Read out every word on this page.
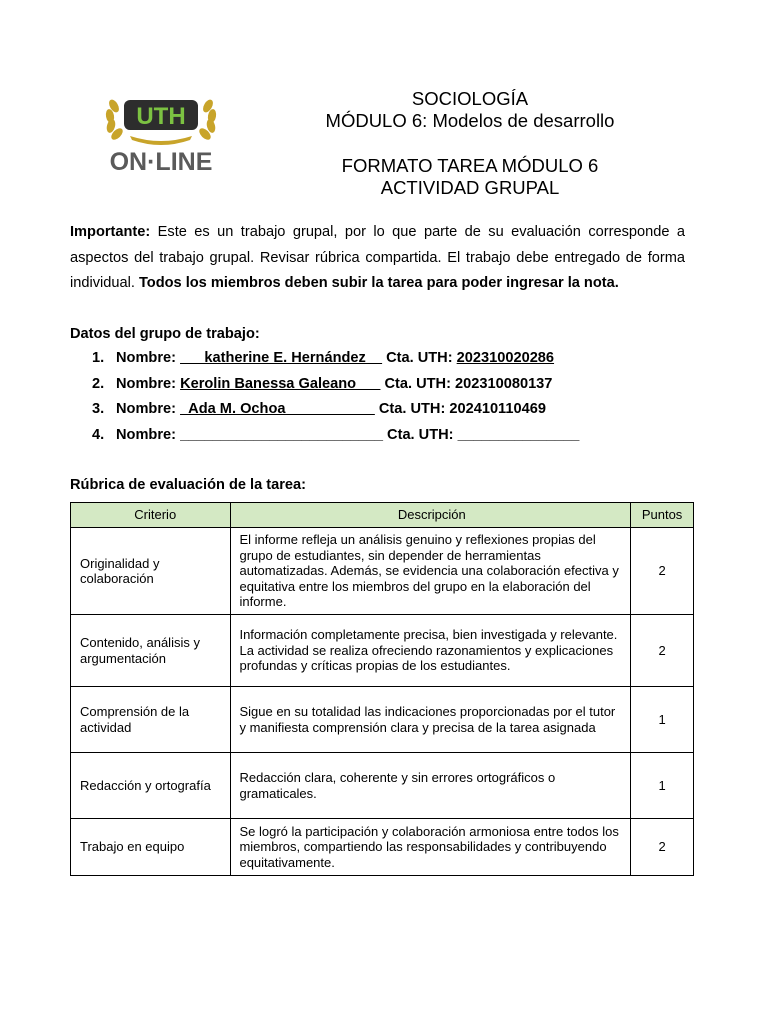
UTH
ON·LINE
SOCIOLOGÍA
MÓDULO 6: Modelos de desarrollo
FORMATO TAREA MÓDULO 6
ACTIVIDAD GRUPAL
Importante: Este es un trabajo grupal, por lo que parte de su evaluación corresponde a aspectos del trabajo grupal. Revisar rúbrica compartida. El trabajo debe entregado de forma individual. Todos los miembros deben subir la tarea para poder ingresar la nota.
Datos del grupo de trabajo:
1. Nombre: ___katherine E. Hernández__ Cta. UTH: 202310020286
2. Nombre: Kerolin Banessa Galeano___ Cta. UTH: 202310080137
3. Nombre: _Ada M. Ochoa___________ Cta. UTH: 202410110469
4. Nombre: _________________________ Cta. UTH: _______________
Rúbrica de evaluación de la tarea:
Criterio	Descripción	Puntos
Originalidad y colaboración	El informe refleja un análisis genuino y reflexiones propias del grupo de estudiantes, sin depender de herramientas automatizadas. Además, se evidencia una colaboración efectiva y equitativa entre los miembros del grupo en la elaboración del informe.	2
Contenido, análisis y argumentación	Información completamente precisa, bien investigada y relevante. La actividad se realiza ofreciendo razonamientos y explicaciones profundas y críticas propias de los estudiantes.	2
Comprensión de la actividad	Sigue en su totalidad las indicaciones proporcionadas por el tutor y manifiesta comprensión clara y precisa de la tarea asignada	1
Redacción y ortografía	Redacción clara, coherente y sin errores ortográficos o gramaticales.	1
Trabajo en equipo	Se logró la participación y colaboración armoniosa entre todos los miembros, compartiendo las responsabilidades y contribuyendo equitativamente.	2
